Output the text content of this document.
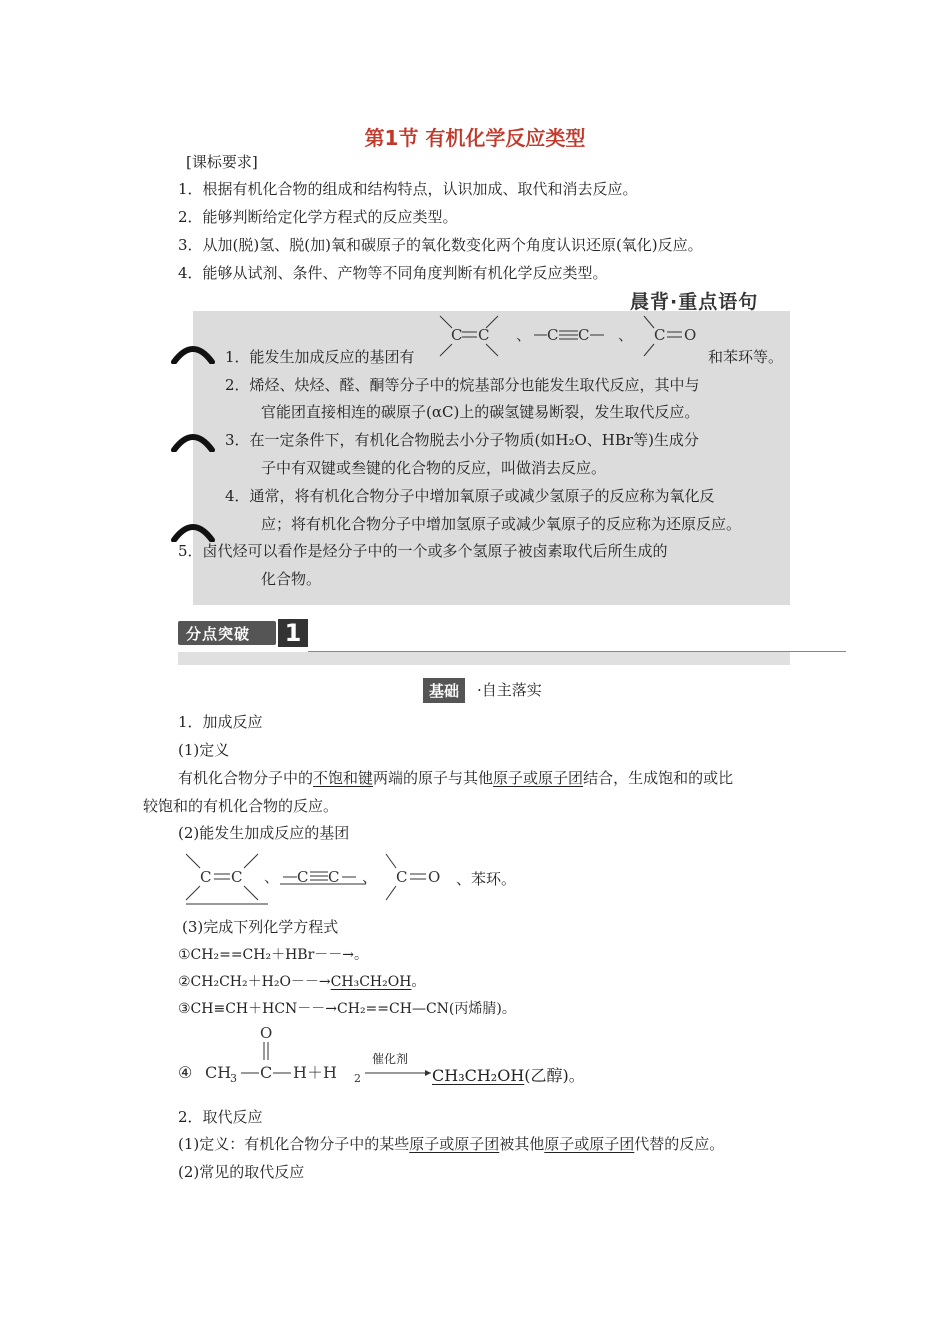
第1节 有机化学反应类型
[课标要求]
1．根据有机化合物的组成和结构特点，认识加成、取代和消去反应。
2．能够判断给定化学方程式的反应类型。
3．从加(脱)氢、脱(加)氧和碳原子的氧化数变化两个角度认识还原(氧化)反应。
4．能够从试剂、条件、产物等不同角度判断有机化学反应类型。
晨背·重点语句
1．能发生加成反应的基团有
C C 、 C C 、 C O
和苯环等。
2．烯烃、炔烃、醛、酮等分子中的烷基部分也能发生取代反应，其中与
官能团直接相连的碳原子(αC)上的碳氢键易断裂，发生取代反应。
3．在一定条件下，有机化合物脱去小分子物质(如H₂O、HBr等)生成分
子中有双键或叁键的化合物的反应，叫做消去反应。
4．通常，将有机化合物分子中增加氧原子或减少氢原子的反应称为氧化反
应；将有机化合物分子中增加氢原子或减少氧原子的反应称为还原反应。
5．卤代烃可以看作是烃分子中的一个或多个氢原子被卤素取代后所生成的
化合物。
分点突破 1
基础	·自主落实
1．加成反应
(1)定义
有机化合物分子中的不饱和键两端的原子与其他原子或原子团结合，生成饱和的或比
较饱和的有机化合物的反应。
(2)能发生加成反应的基团
C C 、 C C 、 C O 、苯环。
(3)完成下列化学方程式
①CH₂==CH₂＋HBr－－→。
②CH₂CH₂＋H₂O－－→CH₃CH₂OH。
③CH≡CH＋HCN－－→CH₂==CH—CN(丙烯腈)。
④
O
CH
3 C H＋H 2
催化剂
CH₃CH₂OH(乙醇)。
2．取代反应
(1)定义：有机化合物分子中的某些原子或原子团被其他原子或原子团代替的反应。
(2)常见的取代反应
